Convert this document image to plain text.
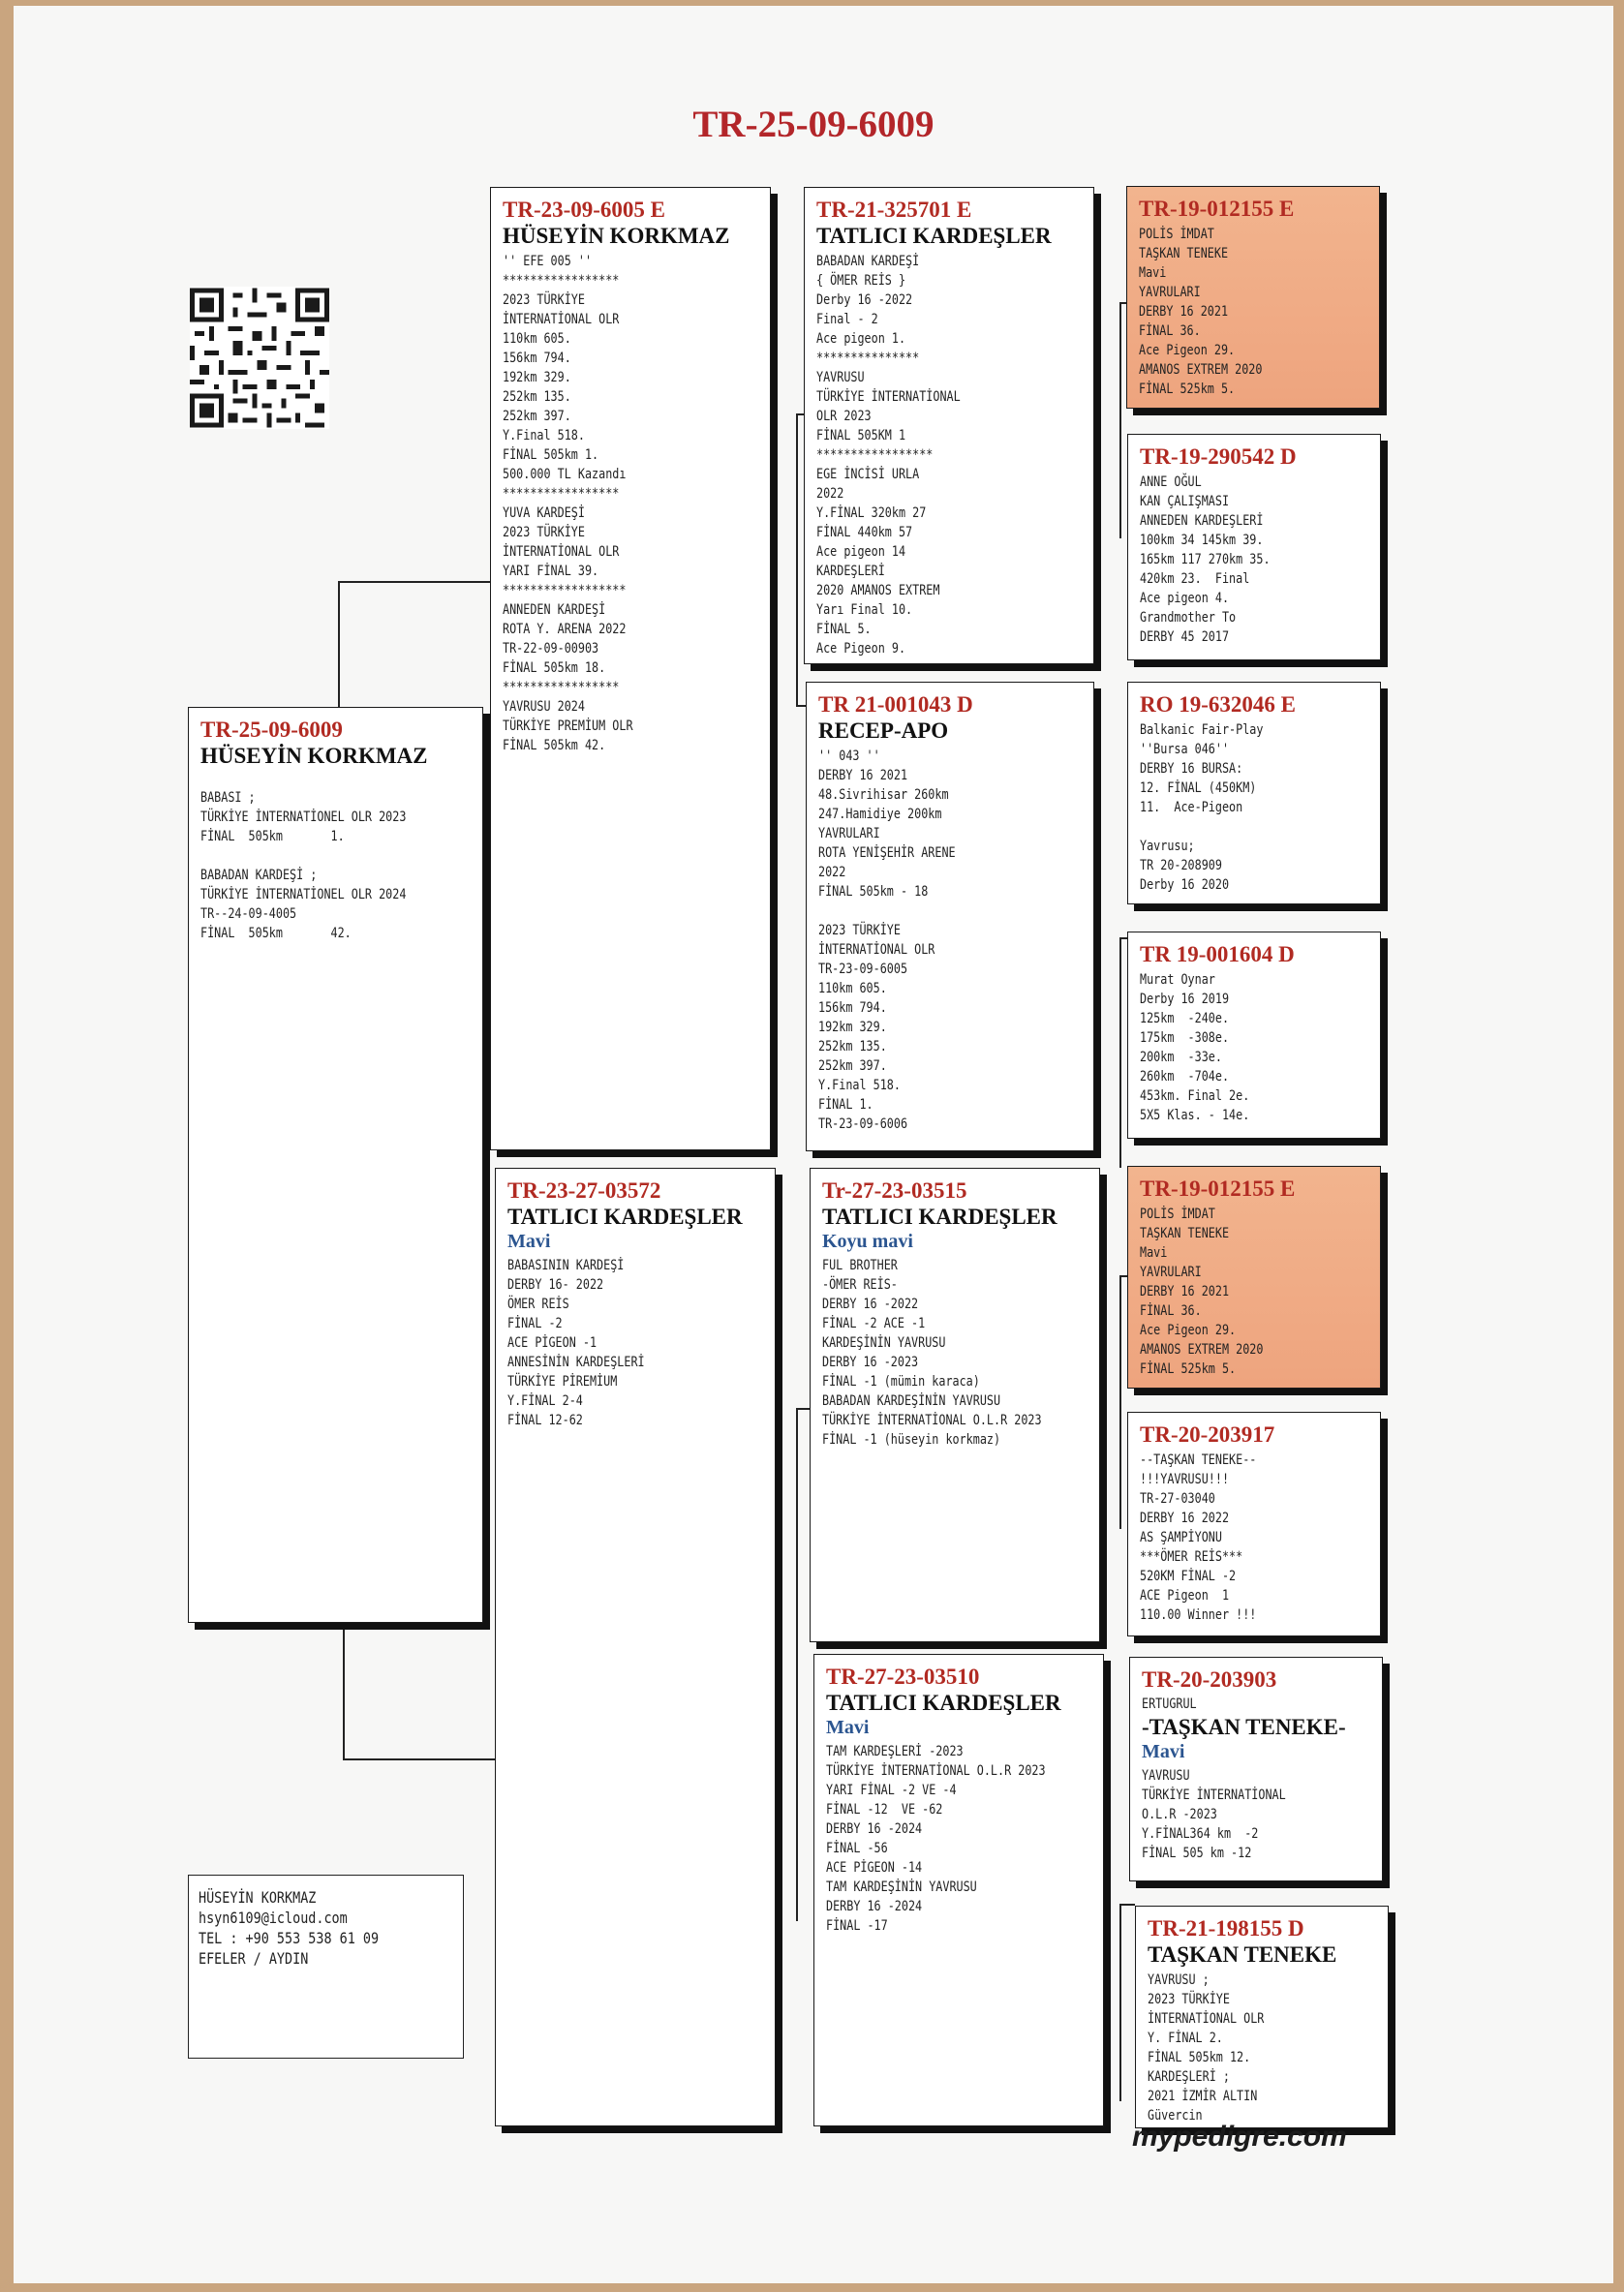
TR-25-09-6009
TR-25-09-6009
HÜSEYİN KORKMAZ
BABASI ;
TÜRKİYE İNTERNATİONEL OLR 2023
FİNAL  505km       1.

BABADAN KARDEŞİ ;
TÜRKİYE İNTERNATİONEL OLR 2024
TR--24-09-4005
FİNAL  505km       42.
TR-23-09-6005 E
HÜSEYİN KORKMAZ
'' EFE 005 ''
*****************
2023 TÜRKİYE
İNTERNATİONAL OLR
110km 605.
156km 794.
192km 329.
252km 135.
252km 397.
Y.Final 518.
FİNAL 505km 1.
500.000 TL Kazandı
*****************
YUVA KARDEŞİ
2023 TÜRKİYE
İNTERNATİONAL OLR
YARI FİNAL 39.
******************
ANNEDEN KARDEŞİ
ROTA Y. ARENA 2022
TR-22-09-00903
FİNAL 505km 18.
*****************
YAVRUSU 2024
TÜRKİYE PREMİUM OLR
FİNAL 505km 42.
TR-23-27-03572
TATLICI KARDEŞLER
Mavi
BABASININ KARDEŞİ
DERBY 16- 2022
ÖMER REİS
FİNAL -2
ACE PİGEON -1
ANNESİNİN KARDEŞLERİ
TÜRKİYE PİREMİUM
Y.FİNAL 2-4
FİNAL 12-62
TR-21-325701 E
TATLICI KARDEŞLER
BABADAN KARDEŞİ
{ ÖMER REİS }
Derby 16 -2022
Final - 2
Ace pigeon 1.
***************
YAVRUSU
TÜRKİYE İNTERNATİONAL
OLR 2023
FİNAL 505KM 1
*****************
EGE İNCİSİ URLA
2022
Y.FİNAL 320km 27
FİNAL 440km 57
Ace pigeon 14
KARDEŞLERİ
2020 AMANOS EXTREM
Yarı Final 10.
FİNAL 5.
Ace Pigeon 9.
TR 21-001043 D
RECEP-APO
'' 043 ''
DERBY 16 2021
48.Sivrihisar 260km
247.Hamidiye 200km
YAVRULARI
ROTA YENİŞEHİR ARENE
2022
FİNAL 505km - 18

2023 TÜRKİYE
İNTERNATİONAL OLR
TR-23-09-6005
110km 605.
156km 794.
192km 329.
252km 135.
252km 397.
Y.Final 518.
FİNAL 1.
TR-23-09-6006
Tr-27-23-03515
TATLICI KARDEŞLER
Koyu mavi
FUL BROTHER
-ÖMER REİS-
DERBY 16 -2022
FİNAL -2 ACE -1
KARDEŞİNİN YAVRUSU
DERBY 16 -2023
FİNAL -1 (mümin karaca)
BABADAN KARDEŞİNİN YAVRUSU
TÜRKİYE İNTERNATİONAL O.L.R 2023
FİNAL -1 (hüseyin korkmaz)
TR-27-23-03510
TATLICI KARDEŞLER
Mavi
TAM KARDEŞLERİ -2023
TÜRKİYE İNTERNATİONAL O.L.R 2023
YARI FİNAL -2 VE -4
FİNAL -12  VE -62
DERBY 16 -2024
FİNAL -56
ACE PİGEON -14
TAM KARDEŞİNİN YAVRUSU
DERBY 16 -2024
FİNAL -17
TR-19-012155 E
POLİS İMDAT
TAŞKAN TENEKE
Mavi
YAVRULARI
DERBY 16 2021
FİNAL 36.
Ace Pigeon 29.
AMANOS EXTREM 2020
FİNAL 525km 5.
TR-19-290542 D
ANNE OĞUL
KAN ÇALIŞMASI
ANNEDEN KARDEŞLERİ
100km 34 145km 39.
165km 117 270km 35.
420km 23.  Final
Ace pigeon 4.
Grandmother To
DERBY 45 2017
RO 19-632046 E
Balkanic Fair-Play
''Bursa 046''
DERBY 16 BURSA:
12. FİNAL (450KM)
11.  Ace-Pigeon

Yavrusu;
TR 20-208909
Derby 16 2020
TR 19-001604 D
Murat Oynar
Derby 16 2019
125km  -240e.
175km  -308e.
200km  -33e.
260km  -704e.
453km. Final 2e.
5X5 Klas. - 14e.
TR-19-012155 E
POLİS İMDAT
TAŞKAN TENEKE
Mavi
YAVRULARI
DERBY 16 2021
FİNAL 36.
Ace Pigeon 29.
AMANOS EXTREM 2020
FİNAL 525km 5.
TR-20-203917
--TAŞKAN TENEKE--
!!!YAVRUSU!!!
TR-27-03040
DERBY 16 2022
AS ŞAMPİYONU
***ÖMER REİS***
520KM FİNAL -2
ACE Pigeon  1
110.00 Winner !!!
TR-20-203903
ERTUGRUL
-TAŞKAN TENEKE-
Mavi
YAVRUSU
TÜRKİYE İNTERNATİONAL
O.L.R -2023
Y.FİNAL364 km  -2
FİNAL 505 km -12
TR-21-198155 D
TAŞKAN TENEKE
YAVRUSU ;
2023 TÜRKİYE
İNTERNATİONAL OLR
Y. FİNAL 2.
FİNAL 505km 12.
KARDEŞLERİ ;
2021 İZMİR ALTIN
Güvercin
HÜSEYİN KORKMAZ
hsyn6109@icloud.com
TEL : +90 553 538 61 09
EFELER / AYDIN
mypedigre.com
